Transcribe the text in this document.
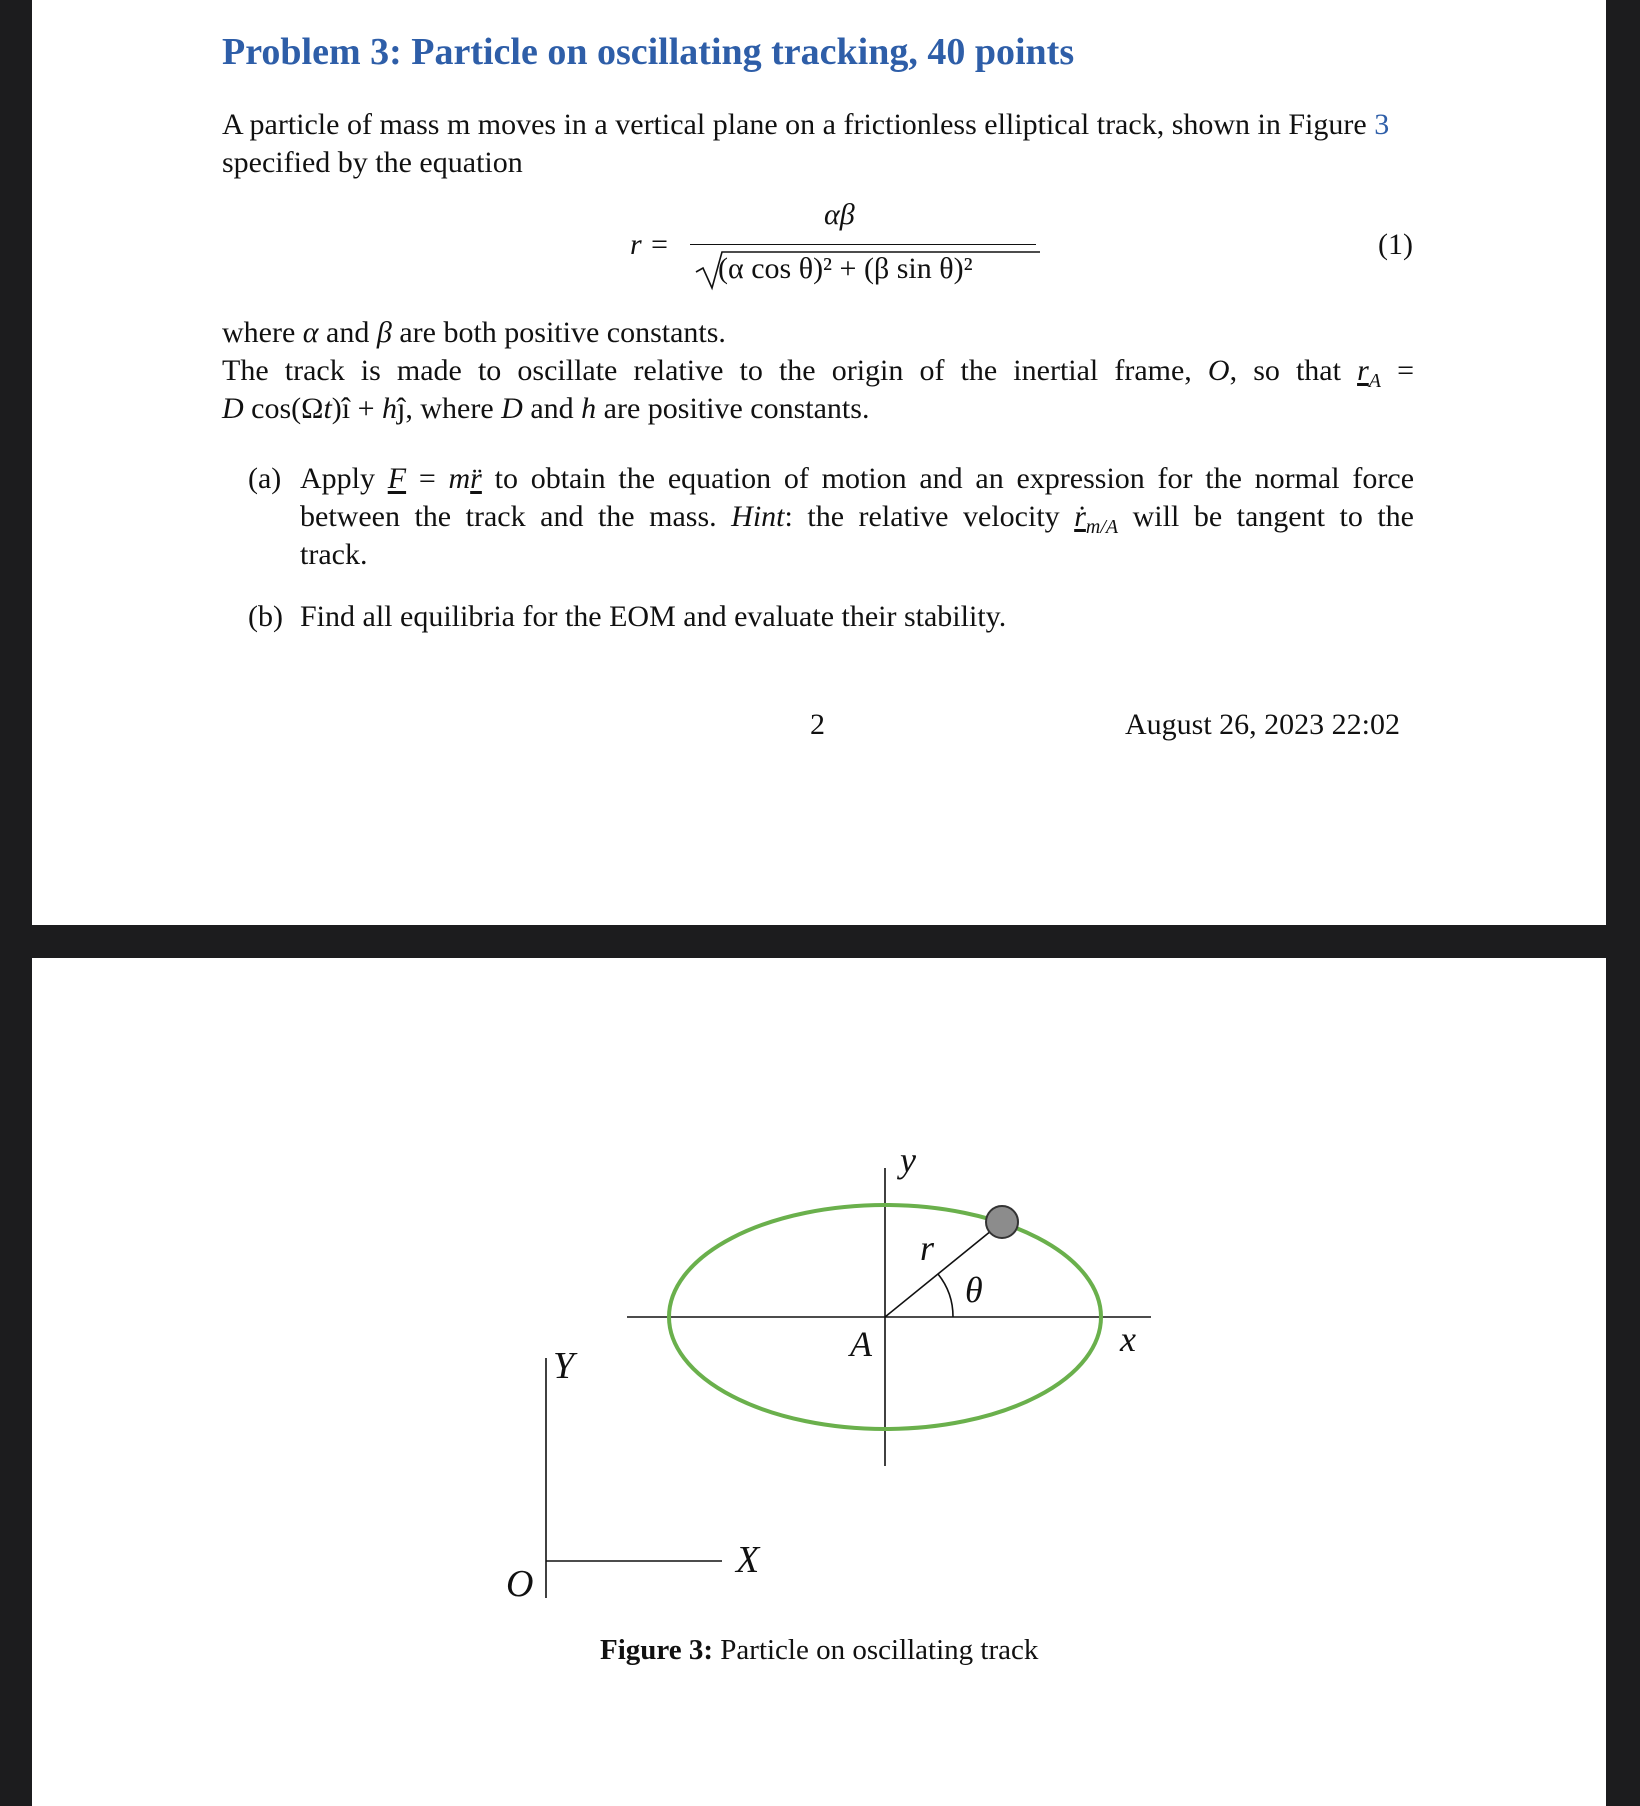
Problem 3: Particle on oscillating tracking, 40 points
A particle of mass m moves in a vertical plane on a frictionless elliptical track, shown in Figure 3 specified by the equation
r =
αβ
(α cos θ)² + (β sin θ)²
(1)
where α and β are both positive constants.
The track is made to oscillate relative to the origin of the inertial frame, O, so that $r_A$ =
D cos(Ωt)î + hĵ, where D and h are positive constants.
(a) Apply F = mr̈ to obtain the equation of motion and an expression for the normal force
between the track and the mass. Hint: the relative velocity ṙ$_{m/A}$ will be tangent to the
track.
(b) Find all equilibria for the EOM and evaluate their stability.
2	August 26, 2023 22:02
y
x
r
θ
A
Y
X
O
Figure 3: Particle on oscillating track
